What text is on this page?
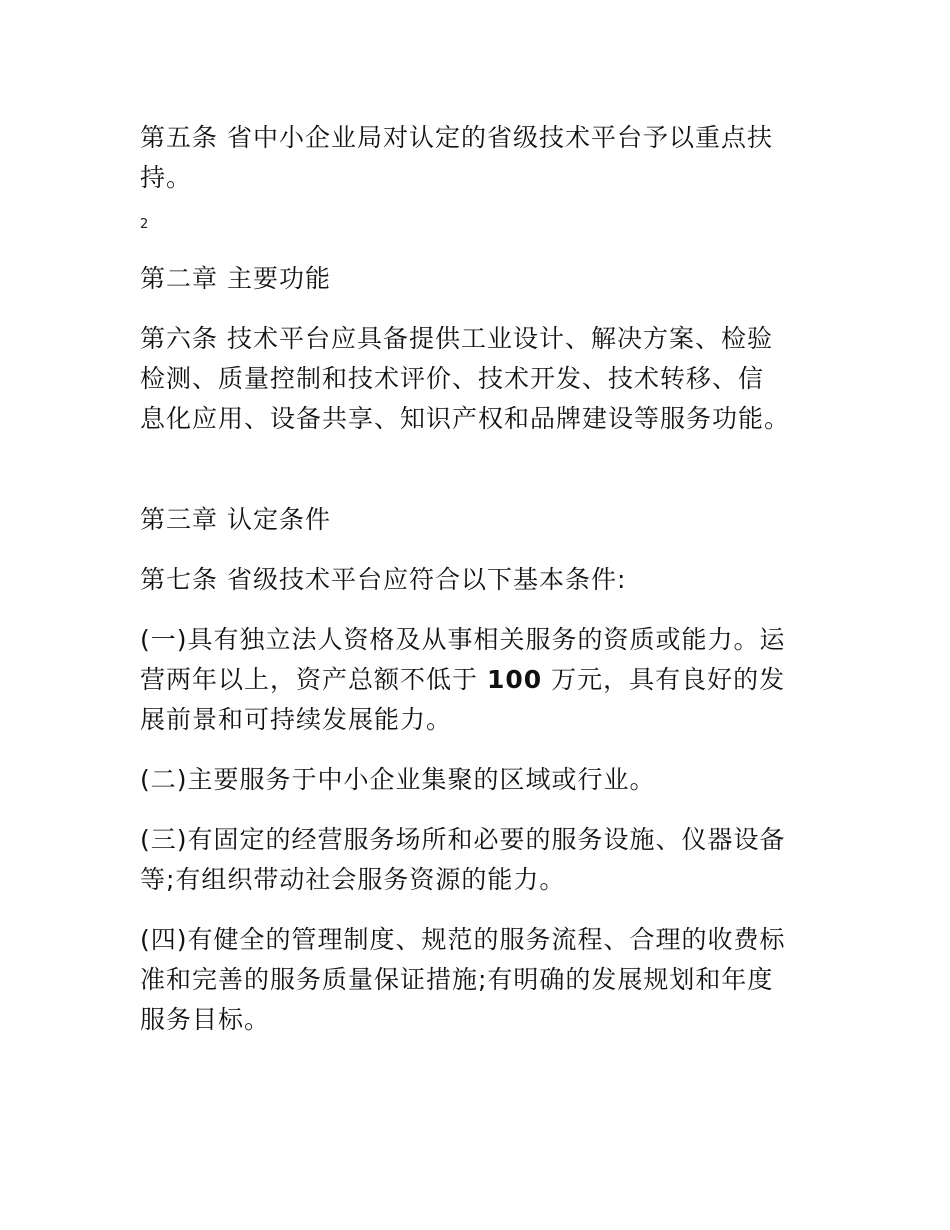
第五条 省中小企业局对认定的省级技术平台予以重点扶
持。

2

第二章 主要功能

第六条 技术平台应具备提供工业设计、解决方案、检验
检测、质量控制和技术评价、技术开发、技术转移、信
息化应用、设备共享、知识产权和品牌建设等服务功能。

第三章 认定条件

第七条 省级技术平台应符合以下基本条件:

(一)具有独立法人资格及从事相关服务的资质或能力。运
营两年以上，资产总额不低于 100 万元，具有良好的发
展前景和可持续发展能力。

(二)主要服务于中小企业集聚的区域或行业。

(三)有固定的经营服务场所和必要的服务设施、仪器设备
等;有组织带动社会服务资源的能力。

(四)有健全的管理制度、规范的服务流程、合理的收费标
准和完善的服务质量保证措施;有明确的发展规划和年度
服务目标。
